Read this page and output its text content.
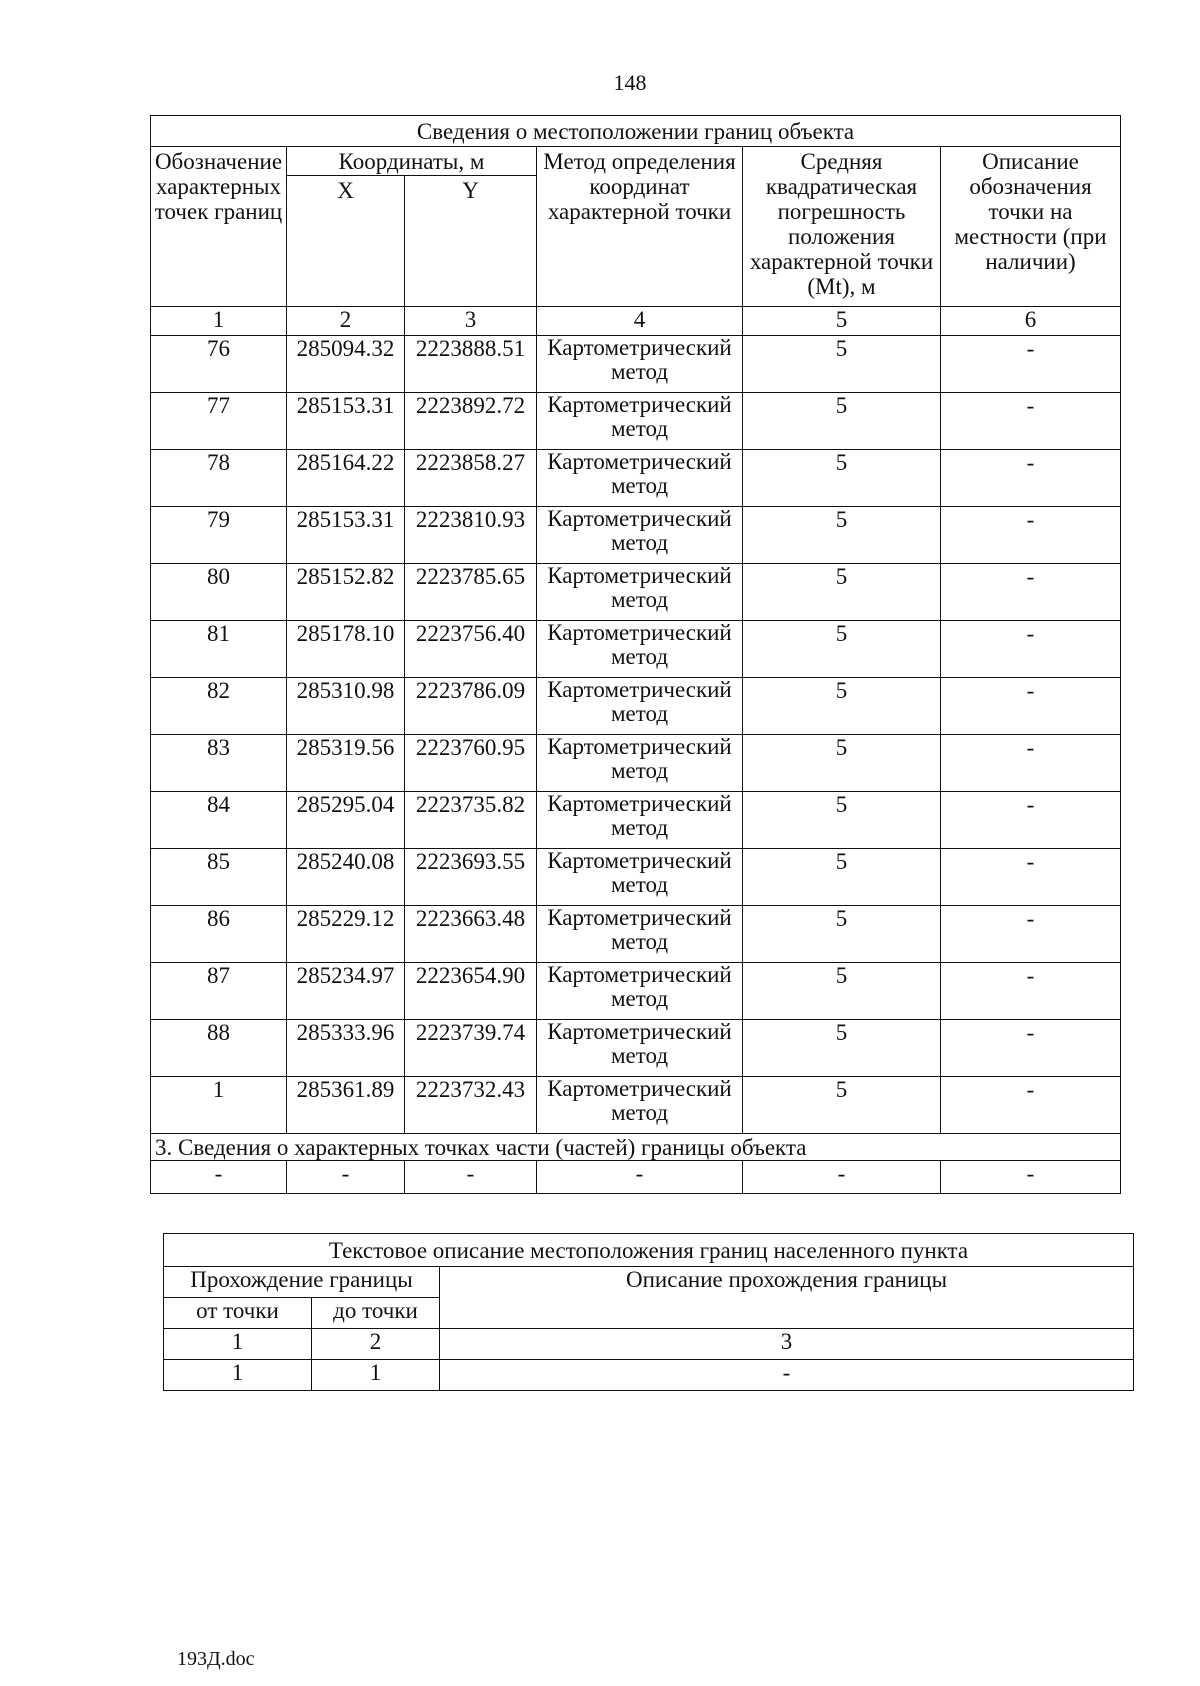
148
Сведения о местоположении границ объекта					
Обозначение характерных точек границ	Координаты, м		Метод определения координат характерной точки	Средняя квадратическая погрешность положения характерной точки (Mt), м	Описание обозначения точки на местности (при наличии)
	X	Y			
1	2	3	4	5	6
76	285094.32	2223888.51	Картометрический метод	5	-
77	285153.31	2223892.72	Картометрический метод	5	-
78	285164.22	2223858.27	Картометрический метод	5	-
79	285153.31	2223810.93	Картометрический метод	5	-
80	285152.82	2223785.65	Картометрический метод	5	-
81	285178.10	2223756.40	Картометрический метод	5	-
82	285310.98	2223786.09	Картометрический метод	5	-
83	285319.56	2223760.95	Картометрический метод	5	-
84	285295.04	2223735.82	Картометрический метод	5	-
85	285240.08	2223693.55	Картометрический метод	5	-
86	285229.12	2223663.48	Картометрический метод	5	-
87	285234.97	2223654.90	Картометрический метод	5	-
88	285333.96	2223739.74	Картометрический метод	5	-
1	285361.89	2223732.43	Картометрический метод	5	-
3. Сведения о характерных точках части (частей) границы объекта					
-	-	-	-	-	-
Текстовое описание местоположения границ населенного пункта		
Прохождение границы		Описание прохождения границы
от точки	до точки	
1	2	3
1	1	-
193Д.doc
